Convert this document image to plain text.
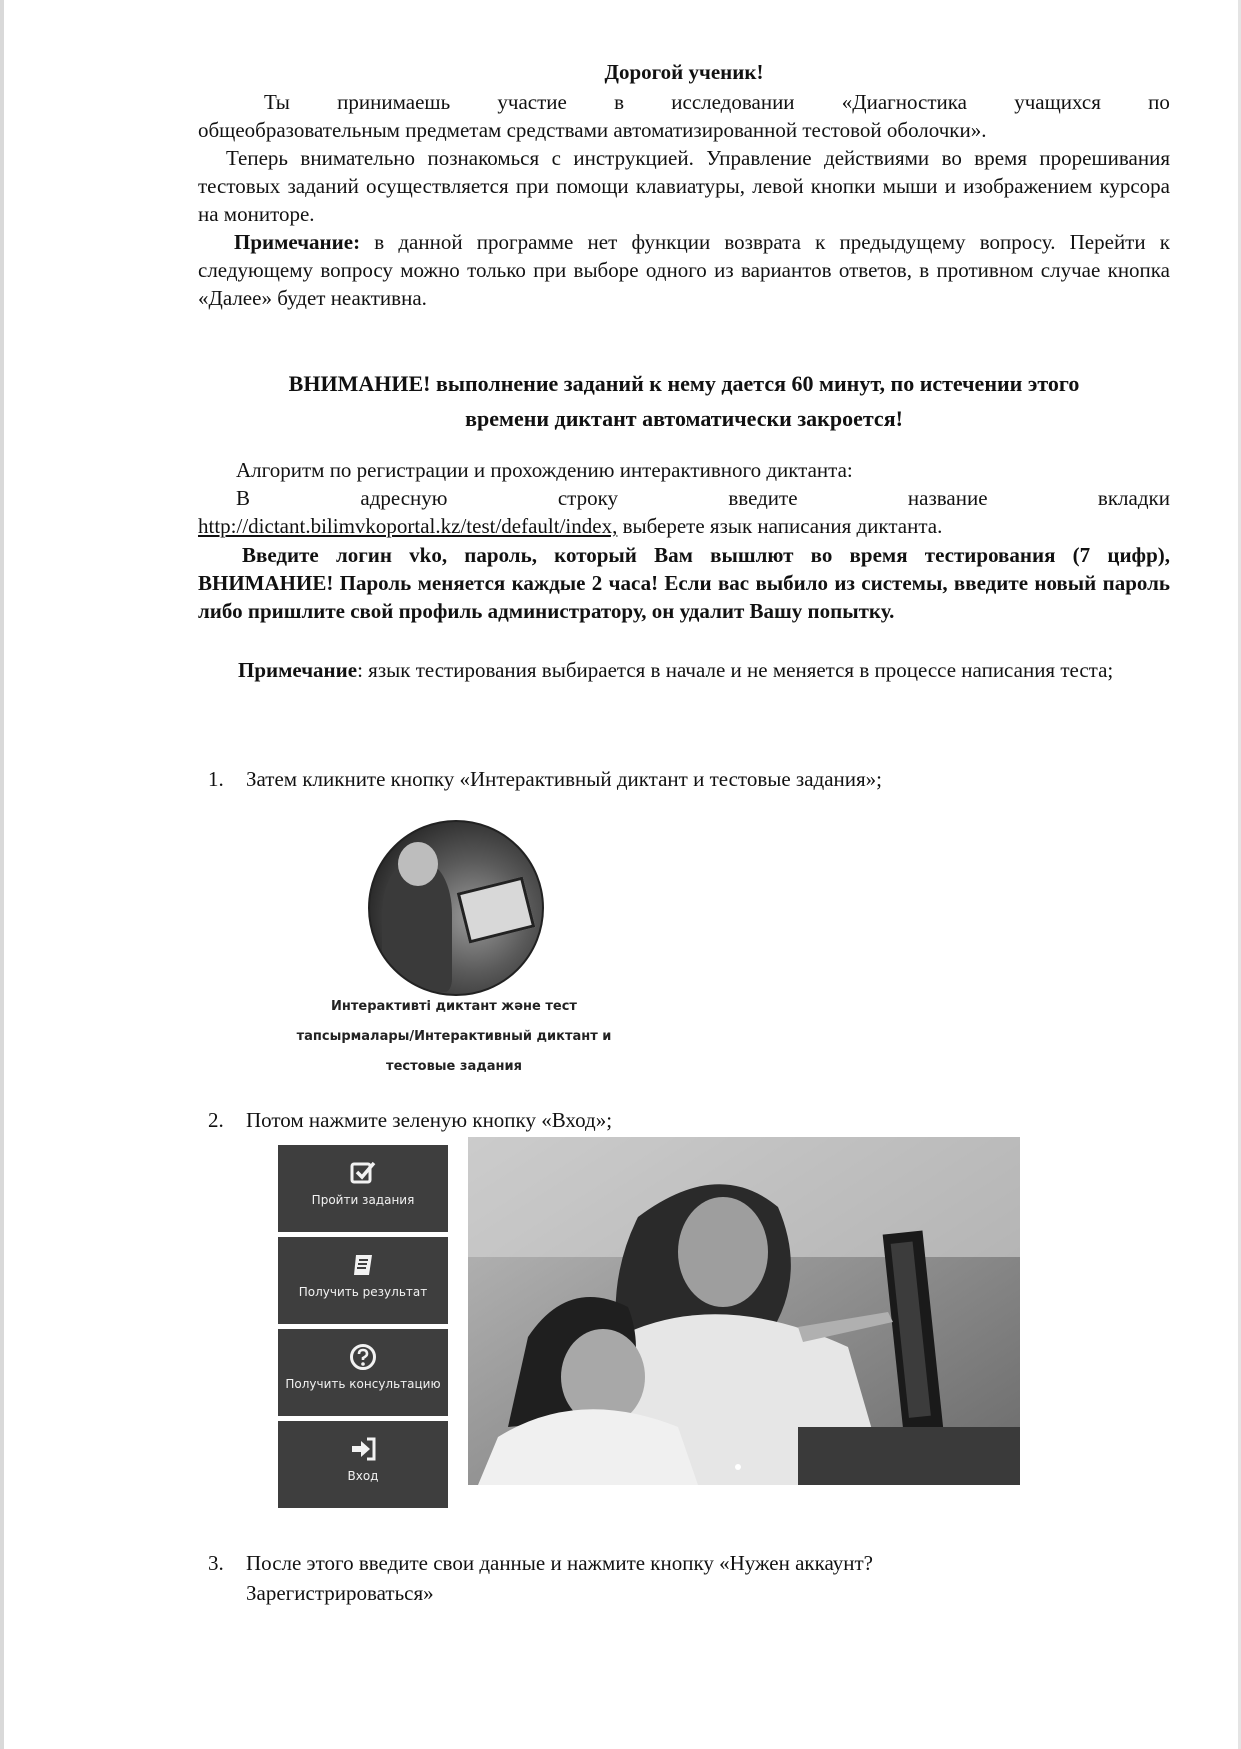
Дорогой ученик!
Ты принимаешь участие в исследовании «Диагностика учащихся по
общеобразовательным предметам средствами автоматизированной тестовой оболочки».
Теперь внимательно познакомься с инструкцией. Управление действиями во время прорешивания тестовых заданий осуществляется при помощи клавиатуры, левой кнопки мыши и изображением курсора на мониторе.
Примечание: в данной программе нет функции возврата к предыдущему вопросу. Перейти к следующему вопросу можно только при выборе одного из вариантов ответов, в противном случае кнопка «Далее» будет неактивна.
ВНИМАНИЕ! выполнение заданий к нему дается 60 минут, по истечении этого
времени диктант автоматически закроется!
Алгоритм по регистрации и прохождению интерактивного диктанта:
В	адресную	строку	введите	название	вкладки
http://dictant.bilimvkoportal.kz/test/default/index, выберете язык написания диктанта.
Введите логин vko, пароль, который Вам вышлют во время тестирования (7 цифр), ВНИМАНИЕ! Пароль меняется каждые 2 часа! Если вас выбило из системы, введите новый пароль либо пришлите свой профиль администратору, он удалит Вашу попытку.
Примечание: язык тестирования выбирается в начале и не меняется в процессе написания теста;
1. Затем кликните кнопку «Интерактивный диктант и тестовые задания»;
Интерактивті диктант және тест
тапсырмалары/Интерактивный диктант и
тестовые задания
2. Потом нажмите зеленую кнопку «Вход»;
Пройти задания
Получить результат
Получить консультацию
Вход
3. После этого введите свои данные и нажмите кнопку «Нужен аккаунт?
Зарегистрироваться»
